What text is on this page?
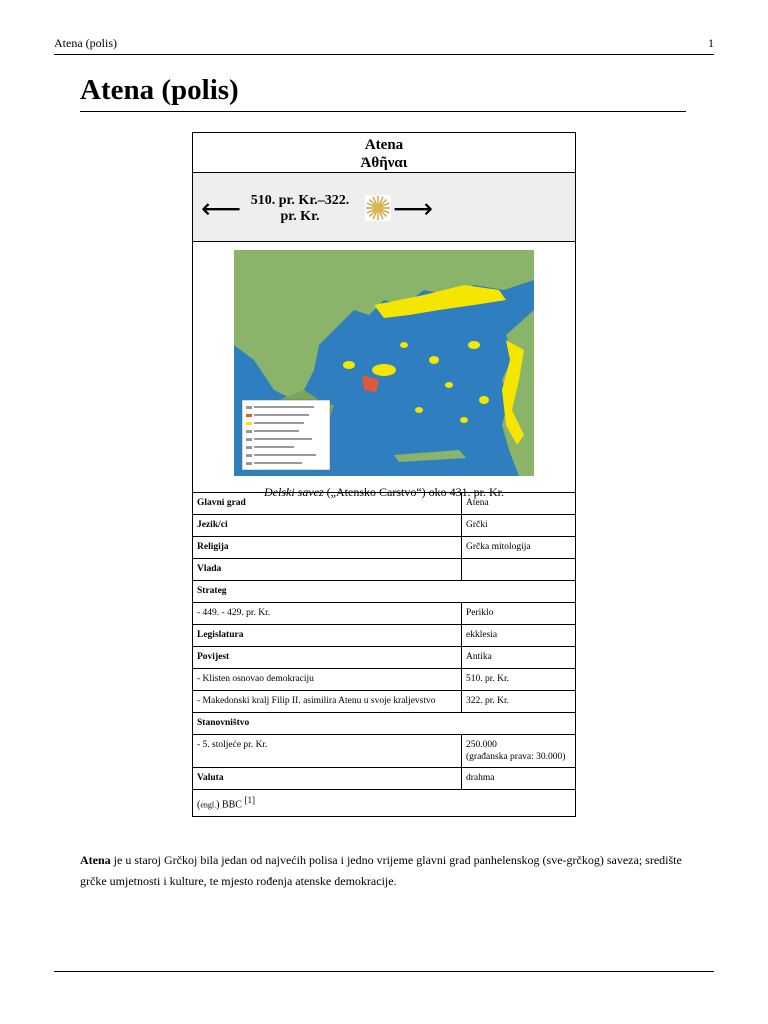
Atena (polis)	1
Atena (polis)
Atena
Ἀθῆναι
⟵ 510. pr. Kr.–322.
pr. Kr.	⟶
Delski savez („Atensko Carstvo“) oko 431. pr. Kr.
Glavni grad	Atena

Jezik/ci	Grčki

Religija	Grčka mitologija

Vlada	

Strateg	
- 449. - 429. pr. Kr.	Periklo

Legislatura	ekklesia

Povijest	Antika

- Klisten osnovao demokraciju	510. pr. Kr.

- Makedonski kralj Filip II. asimilira Atenu u svoje kraljevstvo	322. pr. Kr.

Stanovništvo	
- 5. stoljeće pr. Kr.	250.000
(građanska prava: 30.000)

Valuta	drahma

(engl.) BBC [1]

Atena je u staroj Grčkoj bila jedan od najvećih polisa i jedno vrijeme glavni grad panhelenskog (sve-grčkog) saveza; središte grčke umjetnosti i kulture, te mjesto rođenja atenske demokracije.
